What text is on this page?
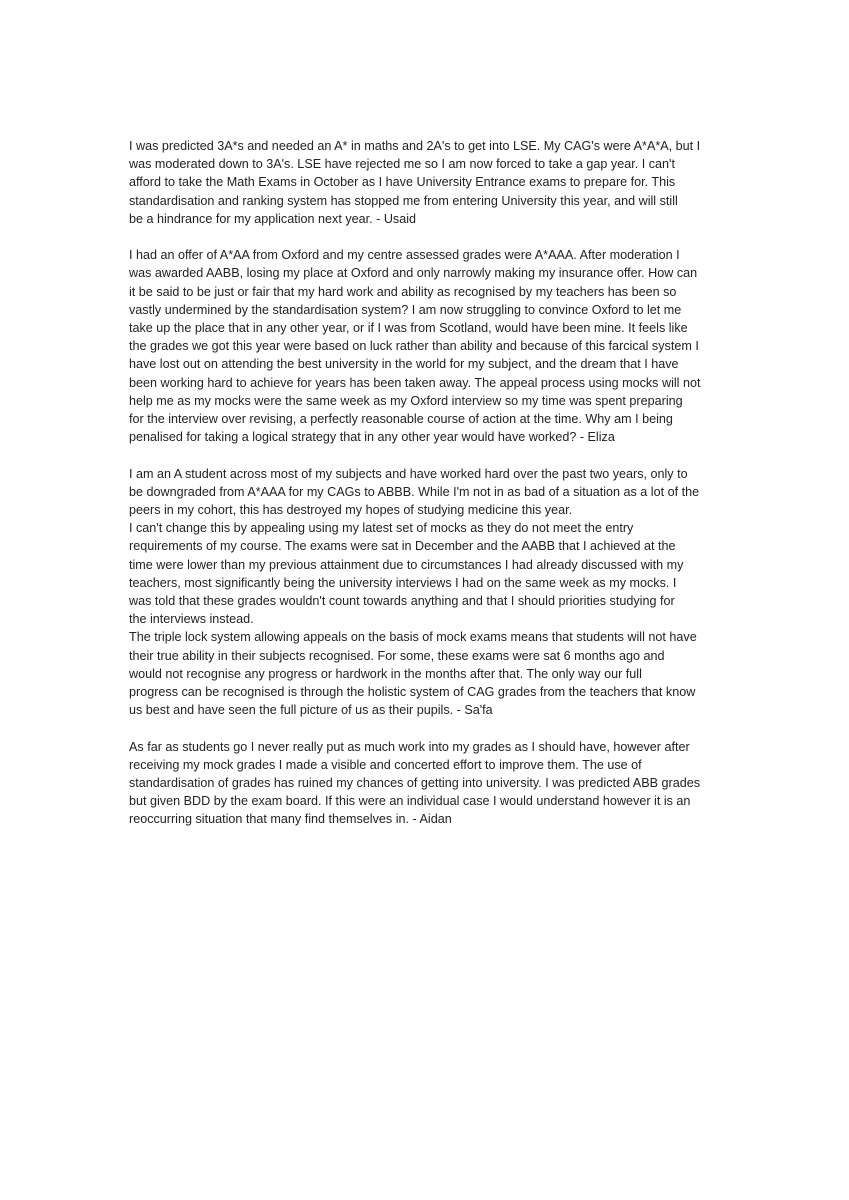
I was predicted 3A*s and needed an A* in maths and 2A's to get into LSE. My CAG's were A*A*A, but I
was moderated down to 3A's. LSE have rejected me so I am now forced to take a gap year. I can't
afford to take the Math Exams in October as I have University Entrance exams to prepare for. This
standardisation and ranking system has stopped me from entering University this year, and will still
be a hindrance for my application next year. - Usaid

I had an offer of A*AA from Oxford and my centre assessed grades were A*AAA. After moderation I
was awarded AABB, losing my place at Oxford and only narrowly making my insurance offer. How can
it be said to be just or fair that my hard work and ability as recognised by my teachers has been so
vastly undermined by the standardisation system? I am now struggling to convince Oxford to let me
take up the place that in any other year, or if I was from Scotland, would have been mine. It feels like
the grades we got this year were based on luck rather than ability and because of this farcical system I
have lost out on attending the best university in the world for my subject, and the dream that I have
been working hard to achieve for years has been taken away. The appeal process using mocks will not
help me as my mocks were the same week as my Oxford interview so my time was spent preparing
for the interview over revising, a perfectly reasonable course of action at the time. Why am I being
penalised for taking a logical strategy that in any other year would have worked? - Eliza

I am an A student across most of my subjects and have worked hard over the past two years, only to
be downgraded from A*AAA for my CAGs to ABBB. While I'm not in as bad of a situation as a lot of the
peers in my cohort, this has destroyed my hopes of studying medicine this year.

I can't change this by appealing using my latest set of mocks as they do not meet the entry
requirements of my course. The exams were sat in December and the AABB that I achieved at the
time were lower than my previous attainment due to circumstances I had already discussed with my
teachers, most significantly being the university interviews I had on the same week as my mocks. I
was told that these grades wouldn't count towards anything and that I should priorities studying for
the interviews instead.

The triple lock system allowing appeals on the basis of mock exams means that students will not have
their true ability in their subjects recognised. For some, these exams were sat 6 months ago and
would not recognise any progress or hardwork in the months after that. The only way our full
progress can be recognised is through the holistic system of CAG grades from the teachers that know
us best and have seen the full picture of us as their pupils. - Sa'fa

As far as students go I never really put as much work into my grades as I should have, however after
receiving my mock grades I made a visible and concerted effort to improve them. The use of
standardisation of grades has ruined my chances of getting into university. I was predicted ABB grades
but given BDD by the exam board. If this were an individual case I would understand however it is an
reoccurring situation that many find themselves in. - Aidan
